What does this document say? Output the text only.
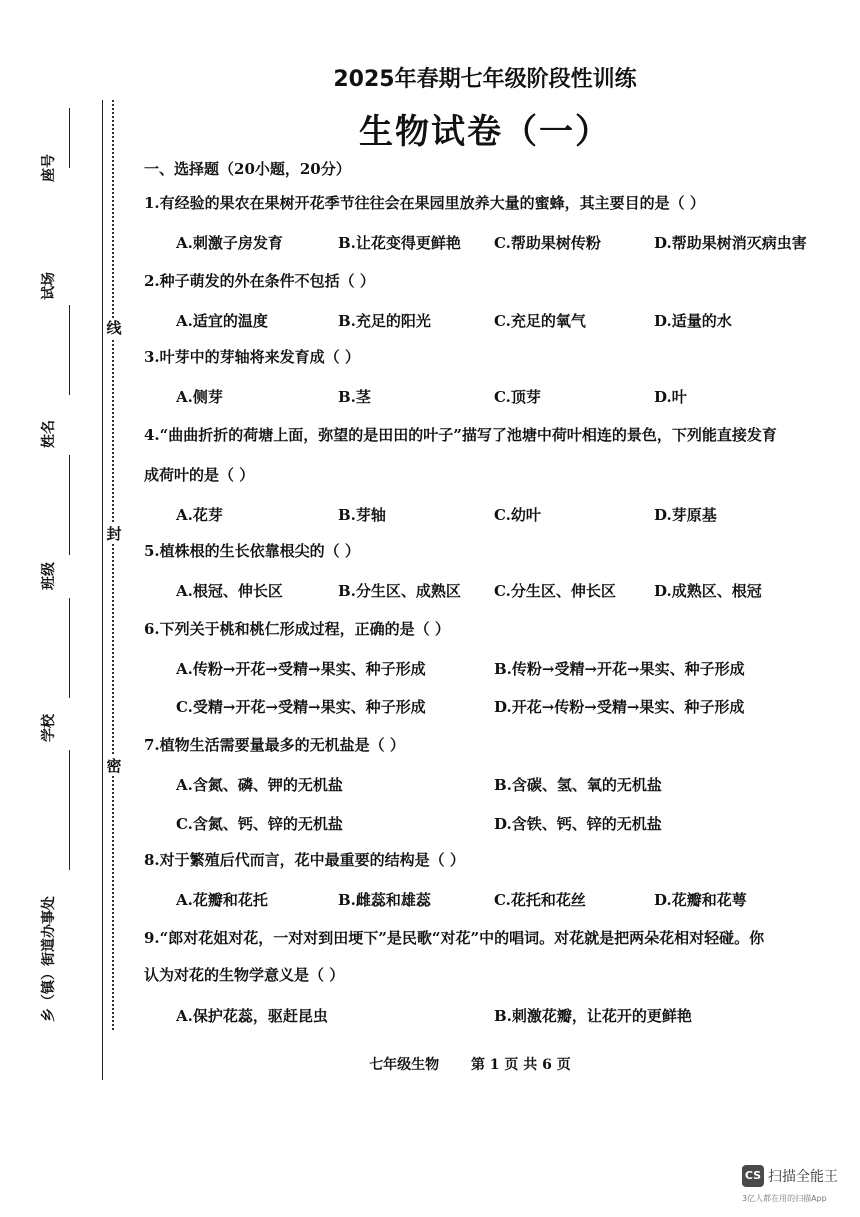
线
封
密
座号
试场
姓名
班级
学校
乡（镇）街道办事处
2025年春期七年级阶段性训练
生物试卷（一）
一、选择题（20小题，20分）
1.有经验的果农在果树开花季节往往会在果园里放养大量的蜜蜂，其主要目的是（ ）
A.刺激子房发育	B.让花变得更鲜艳 C.帮助果树传粉	D.帮助果树消灭病虫害
2.种子萌发的外在条件不包括（ ）
A.适宜的温度	B.充足的阳光	C.充足的氧气	D.适量的水
3.叶芽中的芽轴将来发育成（ ）
A.侧芽	B.茎	C.顶芽	D.叶
4.“曲曲折折的荷塘上面，弥望的是田田的叶子”描写了池塘中荷叶相连的景色，下列能直接发育
成荷叶的是（ ）
A.花芽	B.芽轴	C.幼叶	D.芽原基
5.植株根的生长依靠根尖的（ ）
A.根冠、伸长区	B.分生区、成熟区 C.分生区、伸长区	D.成熟区、根冠
6.下列关于桃和桃仁形成过程，正确的是（ ）
A.传粉→开花→受精→果实、种子形成	B.传粉→受精→开花→果实、种子形成
C.受精→开花→受精→果实、种子形成	D.开花→传粉→受精→果实、种子形成
7.植物生活需要量最多的无机盐是（ ）
A.含氮、磷、钾的无机盐	B.含碳、氢、氧的无机盐
C.含氮、钙、锌的无机盐	D.含铁、钙、锌的无机盐
8.对于繁殖后代而言，花中最重要的结构是（ ）
A.花瓣和花托	B.雌蕊和雄蕊	C.花托和花丝	D.花瓣和花萼
9.“郎对花姐对花，一对对到田埂下”是民歌“对花”中的唱词。对花就是把两朵花相对轻碰。你
认为对花的生物学意义是（ ）
A.保护花蕊，驱赶昆虫	B.刺激花瓣，让花开的更鲜艳
七年级生物 第 1 页 共 6 页
CS 扫描全能王
3亿人都在用的扫描App
